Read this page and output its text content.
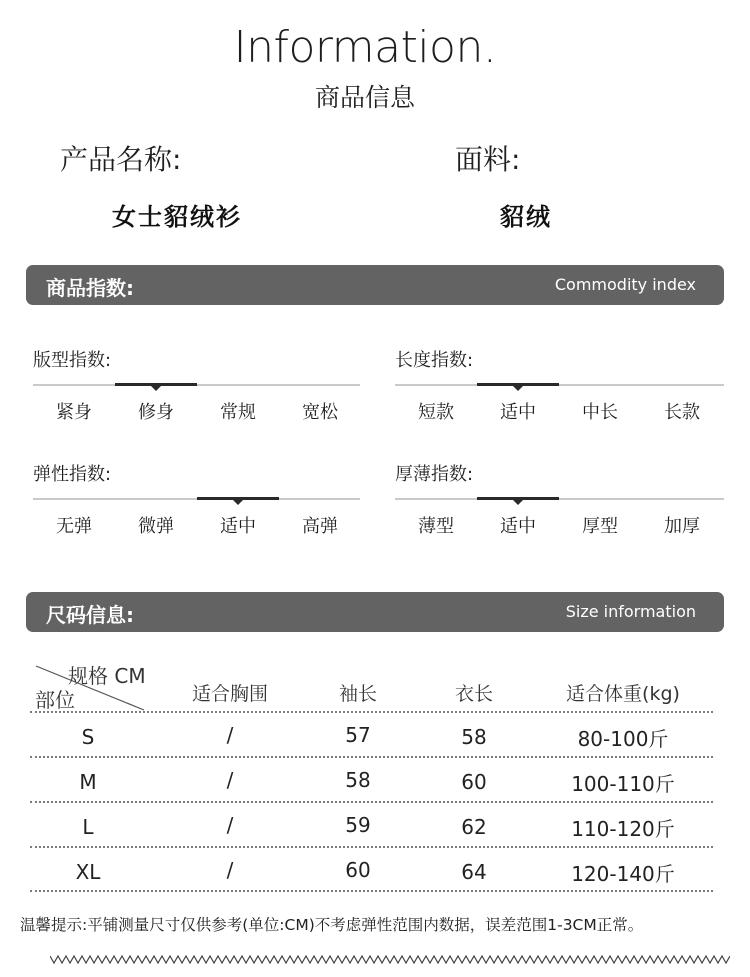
Information.
商品信息
产品名称:	面料:
女士貂绒衫	貂绒
商品指数:	Commodity index
版型指数:
紧身	修身	常规	宽松
长度指数:
短款	适中	中长	长款
弹性指数:
无弹	微弹	适中	高弹
厚薄指数:
薄型	适中	厚型	加厚
尺码信息:	Size information
规格 CM
部位	适合胸围	袖长	衣长	适合体重(kg)
S	/	57	58	80-100斤
M	/	58	60	100-110斤
L	/	59	62	110-120斤
XL	/	60	64	120-140斤
温馨提示:平铺测量尺寸仅供参考(单位:CM)不考虑弹性范围内数据，误差范围1-3CM正常。
